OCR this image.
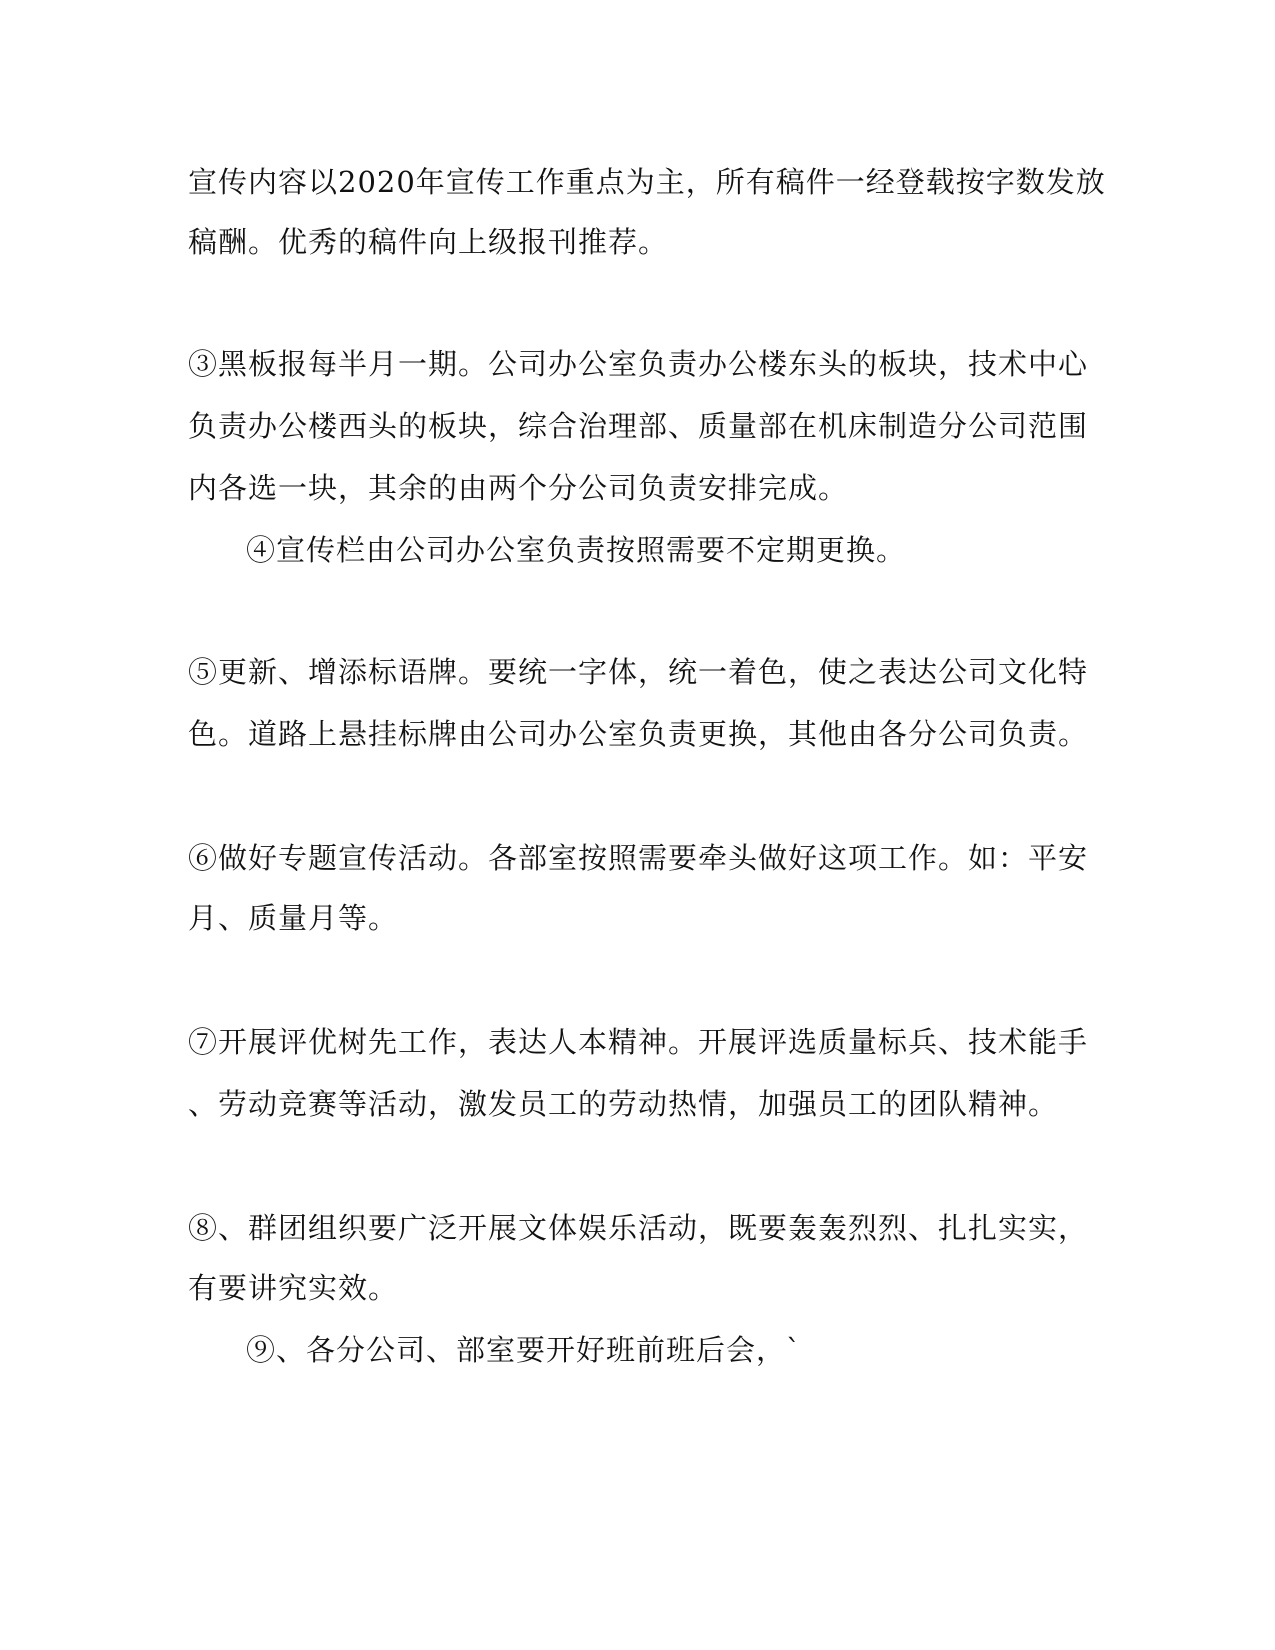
宣传内容以2020年宣传工作重点为主，所有稿件一经登载按字数发放
稿酬。优秀的稿件向上级报刊推荐。
③黑板报每半月一期。公司办公室负责办公楼东头的板块，技术中心
负责办公楼西头的板块，综合治理部、质量部在机床制造分公司范围
内各选一块，其余的由两个分公司负责安排完成。
④宣传栏由公司办公室负责按照需要不定期更换。
⑤更新、增添标语牌。要统一字体，统一着色，使之表达公司文化特
色。道路上悬挂标牌由公司办公室负责更换，其他由各分公司负责。
⑥做好专题宣传活动。各部室按照需要牵头做好这项工作。如：平安
月、质量月等。
⑦开展评优树先工作，表达人本精神。开展评选质量标兵、技术能手
、劳动竞赛等活动，激发员工的劳动热情，加强员工的团队精神。
⑧、群团组织要广泛开展文体娱乐活动，既要轰轰烈烈、扎扎实实，
有要讲究实效。
⑨、各分公司、部室要开好班前班后会，`
